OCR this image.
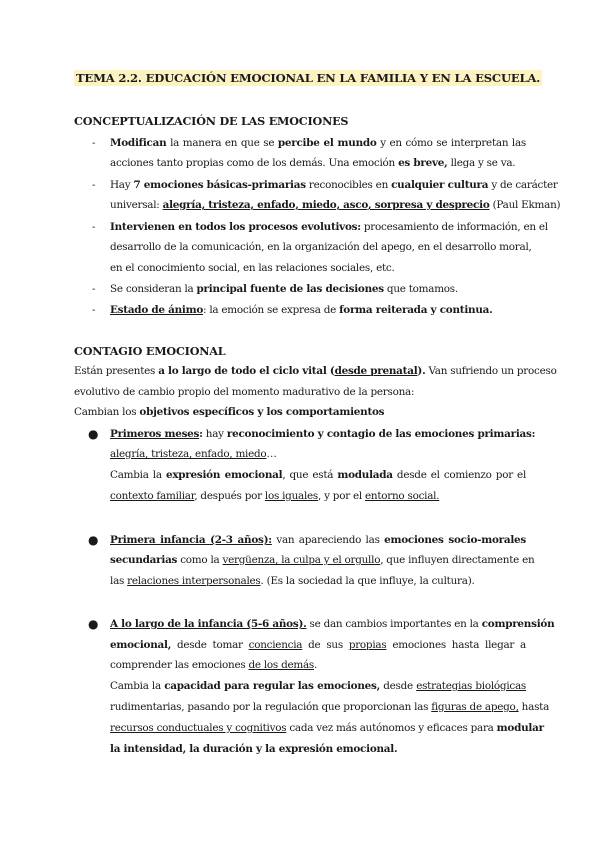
TEMA 2.2. EDUCACIÓN EMOCIONAL EN LA FAMILIA Y EN LA ESCUELA.
CONCEPTUALIZACIÓN DE LAS EMOCIONES
- Modifican la manera en que se percibe el mundo y en cómo se interpretan las
acciones tanto propias como de los demás. Una emoción es breve, llega y se va.
- Hay 7 emociones básicas-primarias reconocibles en cualquier cultura y de carácter
universal: alegría, tristeza, enfado, miedo, asco, sorpresa y desprecio (Paul Ekman)
- Intervienen en todos los procesos evolutivos: procesamiento de información, en el
desarrollo de la comunicación, en la organización del apego, en el desarrollo moral,
en el conocimiento social, en las relaciones sociales, etc.
- Se consideran la principal fuente de las decisiones que tomamos.
- Estado de ánimo: la emoción se expresa de forma reiterada y continua.
CONTAGIO EMOCIONAL
Están presentes a lo largo de todo el ciclo vital (desde prenatal). Van sufriendo un proceso
evolutivo de cambio propio del momento madurativo de la persona:
Cambian los objetivos específicos y los comportamientos
● Primeros meses: hay reconocimiento y contagio de las emociones primarias:
alegría, tristeza, enfado, miedo…
Cambia la expresión emocional, que está modulada desde el comienzo por el
contexto familiar, después por los iguales, y por el entorno social.
● Primera infancia (2-3 años): van apareciendo las emociones socio-morales
secundarias como la vergüenza, la culpa y el orgullo, que influyen directamente en
las relaciones interpersonales. (Es la sociedad la que influye, la cultura).
● A lo largo de la infancia (5-6 años). se dan cambios importantes en la comprensión
emocional, desde tomar conciencia de sus propias emociones hasta llegar a
comprender las emociones de los demás.
Cambia la capacidad para regular las emociones, desde estrategias biológicas
rudimentarias, pasando por la regulación que proporcionan las figuras de apego, hasta
recursos conductuales y cognitivos cada vez más autónomos y eficaces para modular
la intensidad, la duración y la expresión emocional.
